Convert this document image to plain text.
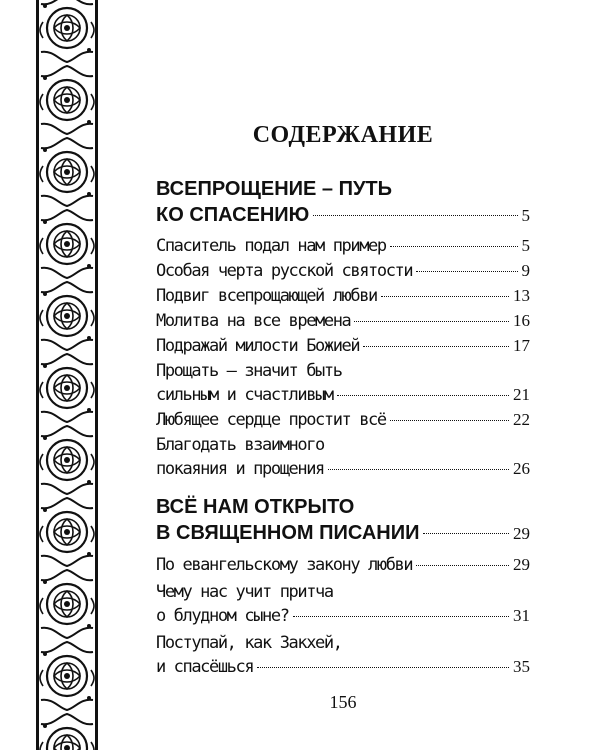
СОДЕРЖАНИЕ
ВСЕПРОЩЕНИЕ – ПУТЬ
КО СПАСЕНИЮ	5
Спаситель подал нам пример	5
Особая черта русской святости	9
Подвиг всепрощающей любви	13
Молитва на все времена	16
Подражай милости Божией	17
Прощать – значит быть
сильным и счастливым	21
Любящее сердце простит всё	22
Благодать взаимного
покаяния и прощения	26
ВСЁ НАМ ОТКРЫТО
В СВЯЩЕННОМ ПИСАНИИ	29
По евангельскому закону любви	29
Чему нас учит притча
о блудном сыне?	31
Поступай, как Закхей,
и спасёшься	35
156
